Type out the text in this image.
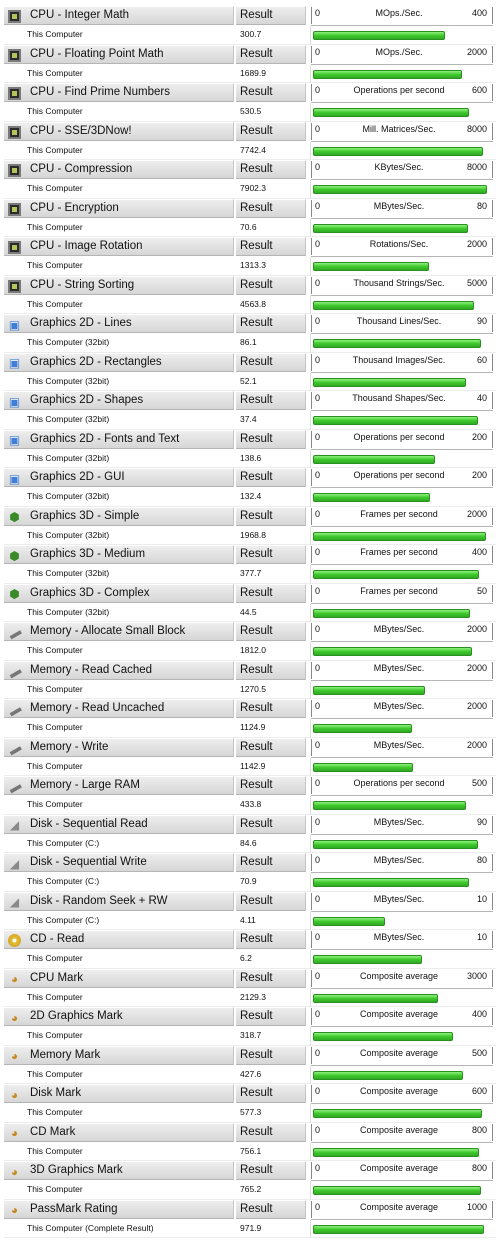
CPU - Integer Math	Result	0	MOps./Sec.	400
This Computer	300.7
CPU - Floating Point Math	Result	0	MOps./Sec.	2000
This Computer	1689.9
CPU - Find Prime Numbers	Result	0	Operations per second	600
This Computer	530.5
CPU - SSE/3DNow!	Result	0	Mill. Matrices/Sec.	8000
This Computer	7742.4
CPU - Compression	Result	0	KBytes/Sec.	8000
This Computer	7902.3
CPU - Encryption	Result	0	MBytes/Sec.	80
This Computer	70.6
CPU - Image Rotation	Result	0	Rotations/Sec.	2000
This Computer	1313.3
CPU - String Sorting	Result	0	Thousand Strings/Sec.	5000
This Computer	4563.8
▣ Graphics 2D - Lines	Result	0	Thousand Lines/Sec.	90
This Computer (32bit)	86.1
▣ Graphics 2D - Rectangles	Result	0	Thousand Images/Sec.	60
This Computer (32bit)	52.1
▣ Graphics 2D - Shapes	Result	0	Thousand Shapes/Sec.	40
This Computer (32bit)	37.4
▣ Graphics 2D - Fonts and Text	Result	0	Operations per second	200
This Computer (32bit)	138.6
▣ Graphics 2D - GUI	Result	0	Operations per second	200
This Computer (32bit)	132.4
⬢ Graphics 3D - Simple	Result	0	Frames per second	2000
This Computer (32bit)	1968.8
⬢ Graphics 3D - Medium	Result	0	Frames per second	400
This Computer (32bit)	377.7
⬢ Graphics 3D - Complex	Result	0	Frames per second	50
This Computer (32bit)	44.5
▬ Memory - Allocate Small Block	Result	0	MBytes/Sec.	2000
This Computer	1812.0
▬ Memory - Read Cached	Result	0	MBytes/Sec.	2000
This Computer	1270.5
▬ Memory - Read Uncached	Result	0	MBytes/Sec.	2000
This Computer	1124.9
▬ Memory - Write	Result	0	MBytes/Sec.	2000
This Computer	1142.9
▬ Memory - Large RAM	Result	0	Operations per second	500
This Computer	433.8
◢ Disk - Sequential Read	Result	0	MBytes/Sec.	90
This Computer (C:)	84.6
◢ Disk - Sequential Write	Result	0	MBytes/Sec.	80
This Computer (C:)	70.9
◢ Disk - Random Seek + RW	Result	0	MBytes/Sec.	10
This Computer (C:)	4.11
CD - Read	Result	0	MBytes/Sec.	10
This Computer	6.2
◕ CPU Mark	Result	0	Composite average	3000
This Computer	2129.3
◕ 2D Graphics Mark	Result	0	Composite average	400
This Computer	318.7
◕ Memory Mark	Result	0	Composite average	500
This Computer	427.6
◕ Disk Mark	Result	0	Composite average	600
This Computer	577.3
◕ CD Mark	Result	0	Composite average	800
This Computer	756.1
◕ 3D Graphics Mark	Result	0	Composite average	800
This Computer	765.2
◕ PassMark Rating	Result	0	Composite average	1000
This Computer (Complete Result)	971.9
